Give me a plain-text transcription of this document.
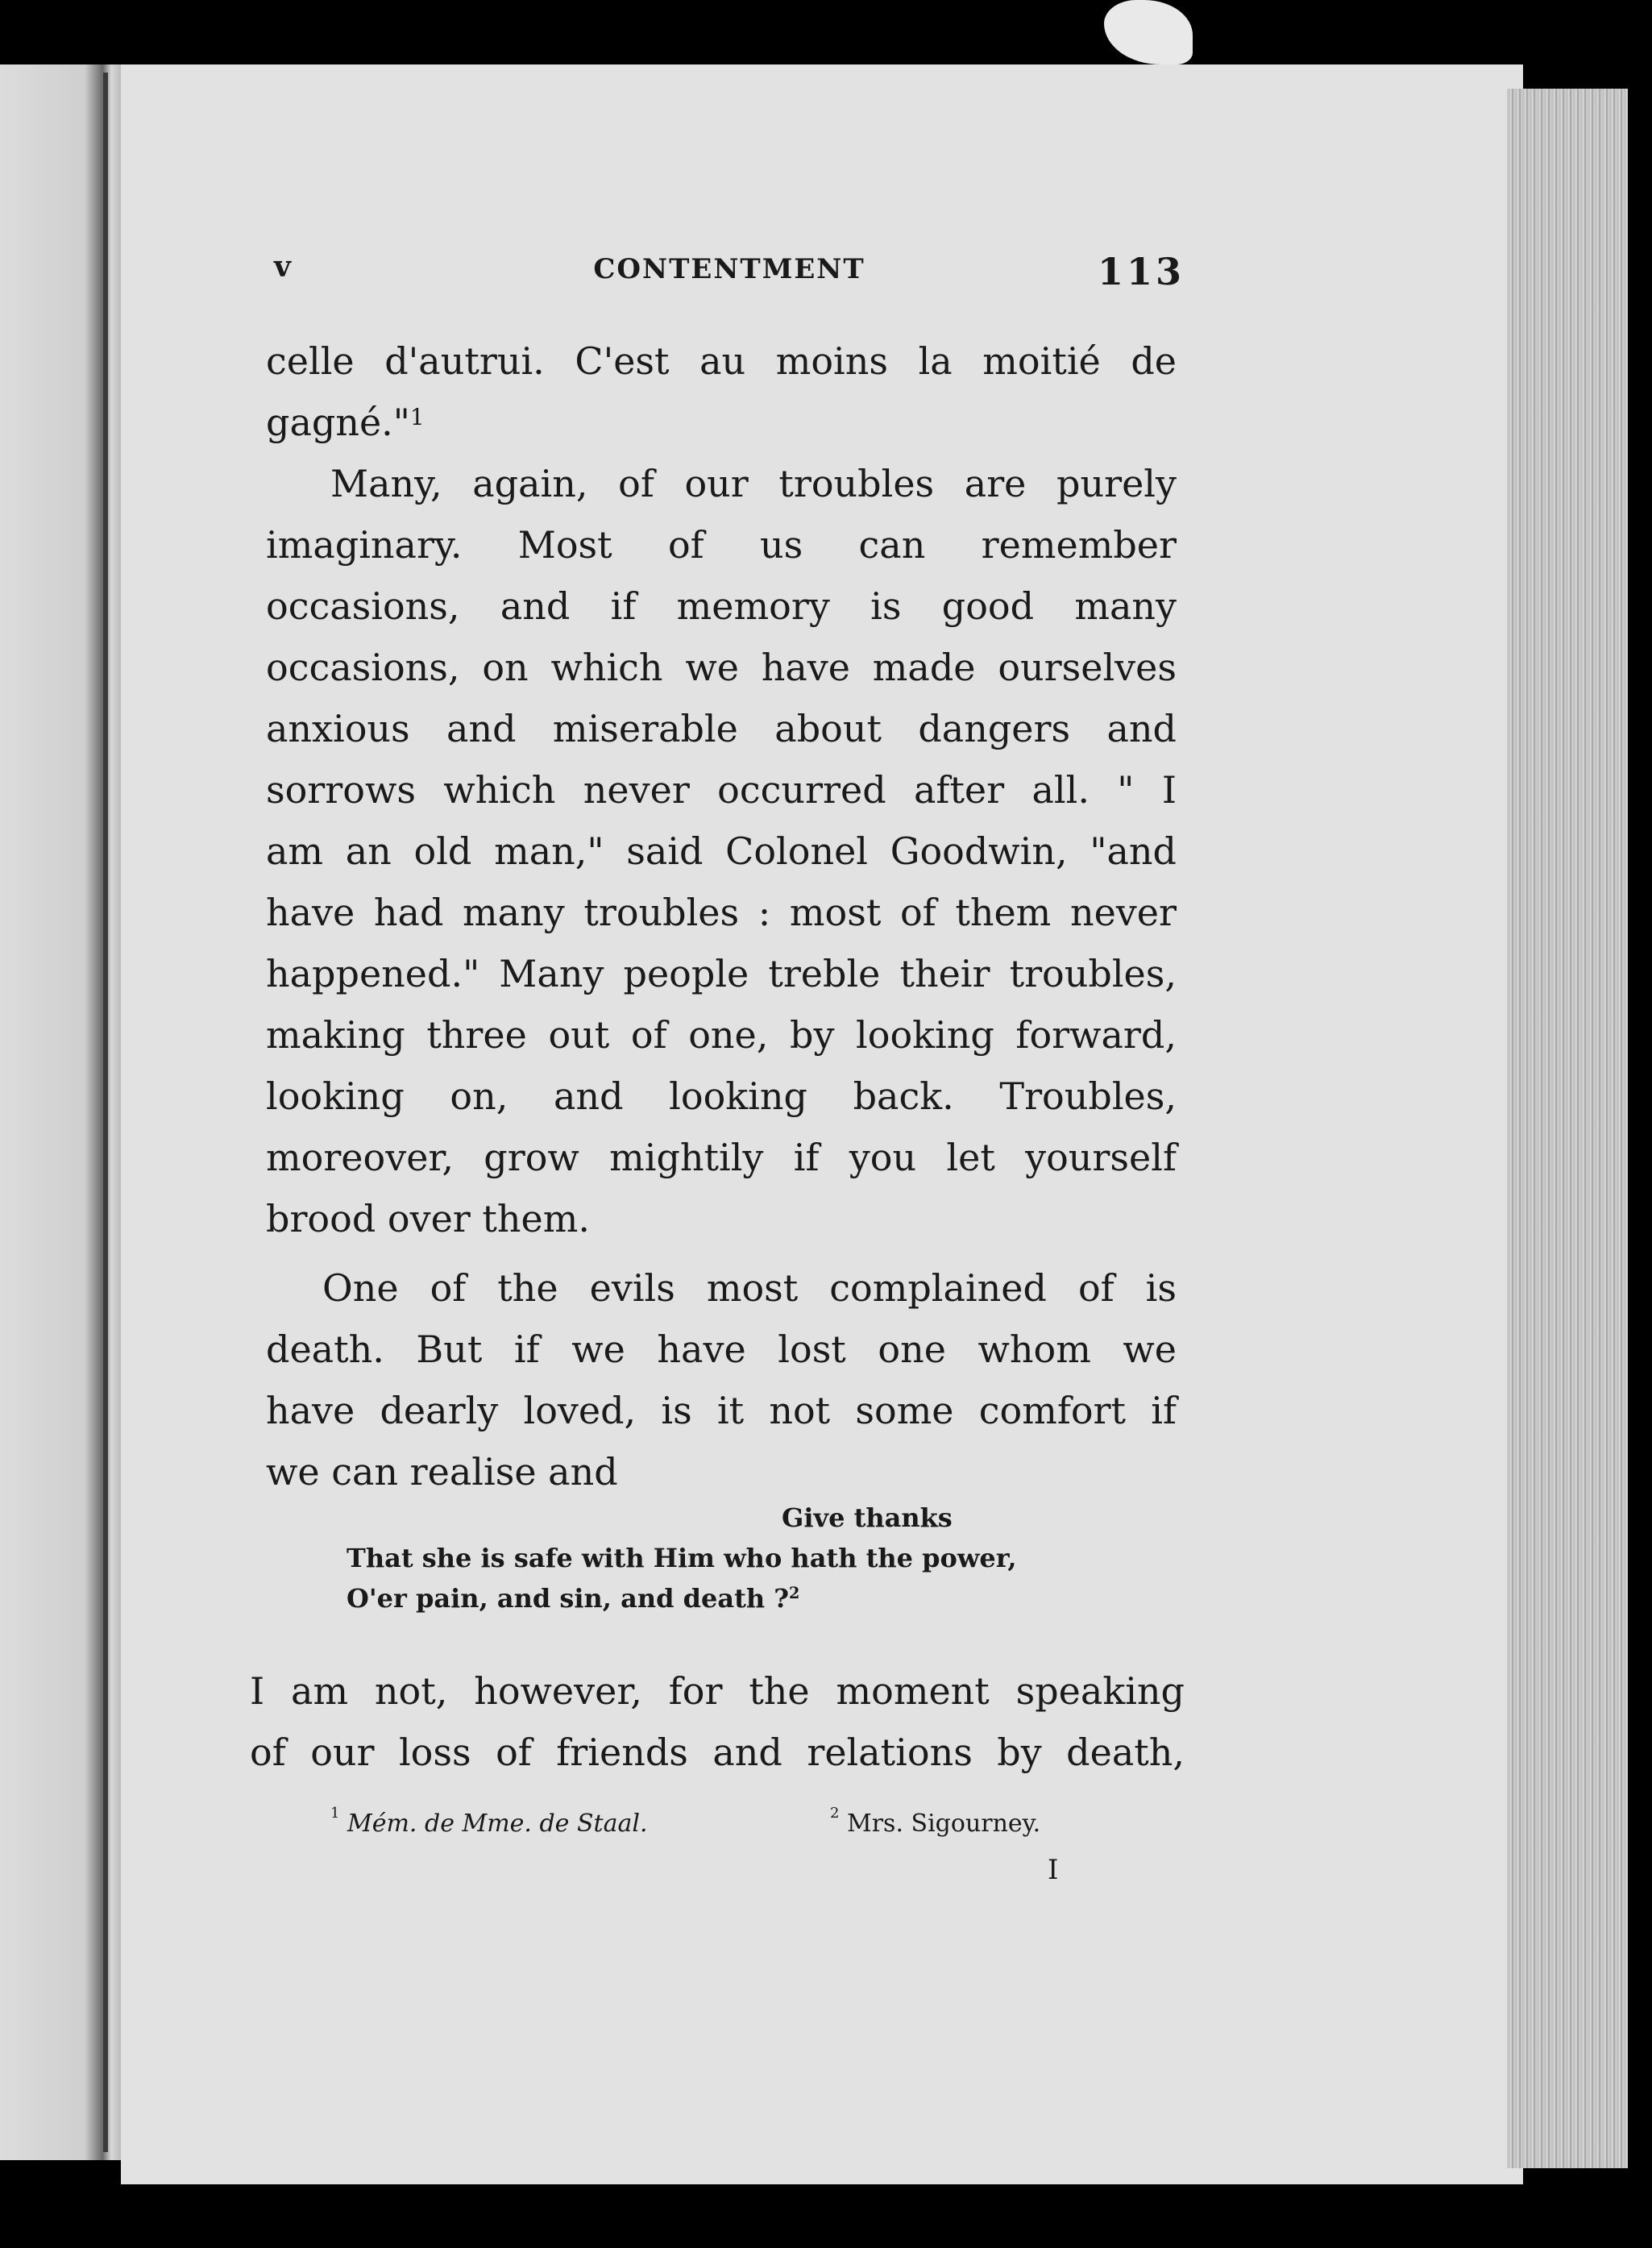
v	CONTENTMENT	113
celle d'autrui. C'est au moins la moitié de
gagné."$^1$
Many, again, of our troubles are purely
imaginary. Most of us can remember
occasions, and if memory is good many
occasions, on which we have made ourselves
anxious and miserable about dangers and
sorrows which never occurred after all. " I
am an old man," said Colonel Goodwin, "and
have had many troubles : most of them never
happened." Many people treble their troubles,
making three out of one, by looking forward,
looking on, and looking back. Troubles,
moreover, grow mightily if you let yourself
brood over them.
One of the evils most complained of is
death. But if we have lost one whom we
have dearly loved, is it not some comfort if
we can realise and
Give thanks
That she is safe with Him who hath the power,
O'er pain, and sin, and death ?$^2$
I am not, however, for the moment speaking
of our loss of friends and relations by death,
$^1$ Mém. de Mme. de Staal.	$^2$ Mrs. Sigourney.
I
